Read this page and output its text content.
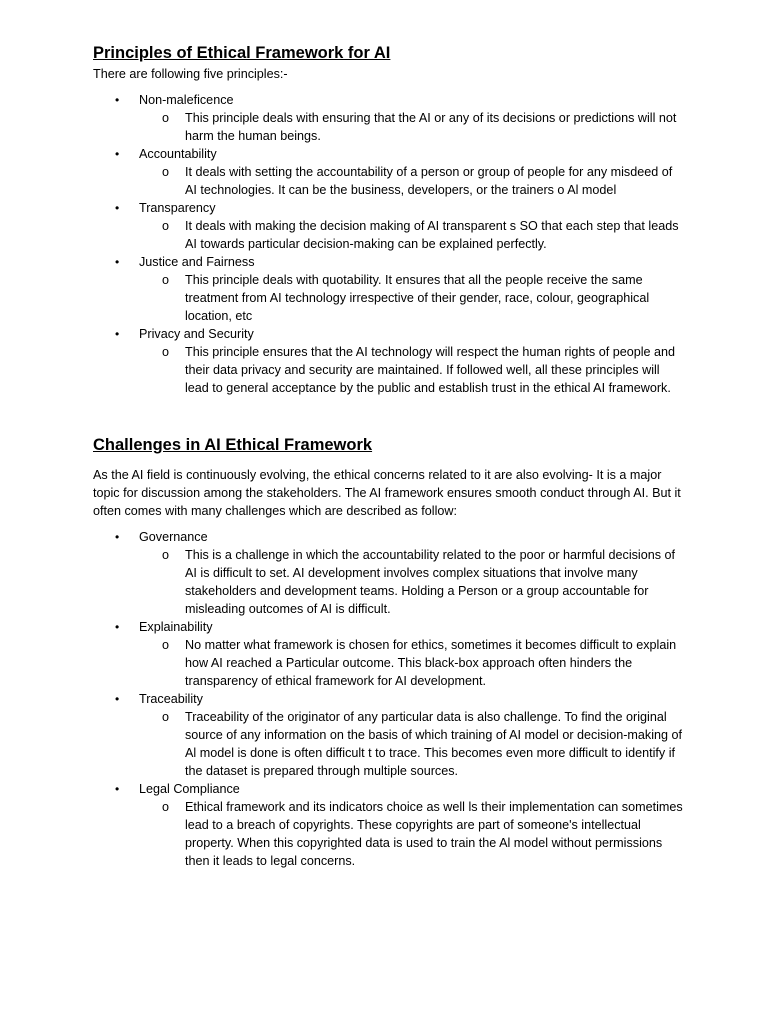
Principles of Ethical Framework for AI

There are following five principles:-

• Non-maleficence
o This principle deals with ensuring that the AI or any of its decisions or predictions will not harm the human beings.
• Accountability
o It deals with setting the accountability of a person or group of people for any misdeed of AI technologies. It can be the business, developers, or the trainers o Al model
• Transparency
o It deals with making the decision making of AI transparent s SO that each step that leads AI towards particular decision-making can be explained perfectly.
• Justice and Fairness
o This principle deals with quotability. It ensures that all the people receive the same treatment from AI technology irrespective of their gender, race, colour, geographical location, etc
• Privacy and Security
o This principle ensures that the AI technology will respect the human rights of people and their data privacy and security are maintained. If followed well, all these principles will lead to general acceptance by the public and establish trust in the ethical AI framework.
Challenges in AI Ethical Framework

As the AI field is continuously evolving, the ethical concerns related to it are also evolving- It is a major topic for discussion among the stakeholders. The AI framework ensures smooth conduct through AI. But it often comes with many challenges which are described as follow:

• Governance
o This is a challenge in which the accountability related to the poor or harmful decisions of AI is difficult to set. AI development involves complex situations that involve many stakeholders and development teams. Holding a Person or a group accountable for misleading outcomes of AI is difficult.
• Explainability
o No matter what framework is chosen for ethics, sometimes it becomes difficult to explain how AI reached a Particular outcome. This black-box approach often hinders the transparency of ethical framework for AI development.
• Traceability
o Traceability of the originator of any particular data is also challenge. To find the original source of any information on the basis of which training of AI model or decision-making of Al model is done is often difficult t to trace. This becomes even more difficult to identify if the dataset is prepared through multiple sources.
• Legal Compliance
o Ethical framework and its indicators choice as well ls their implementation can sometimes lead to a breach of copyrights. These copyrights are part of someone's intellectual property. When this copyrighted data is used to train the Al model without permissions then it leads to legal concerns.
